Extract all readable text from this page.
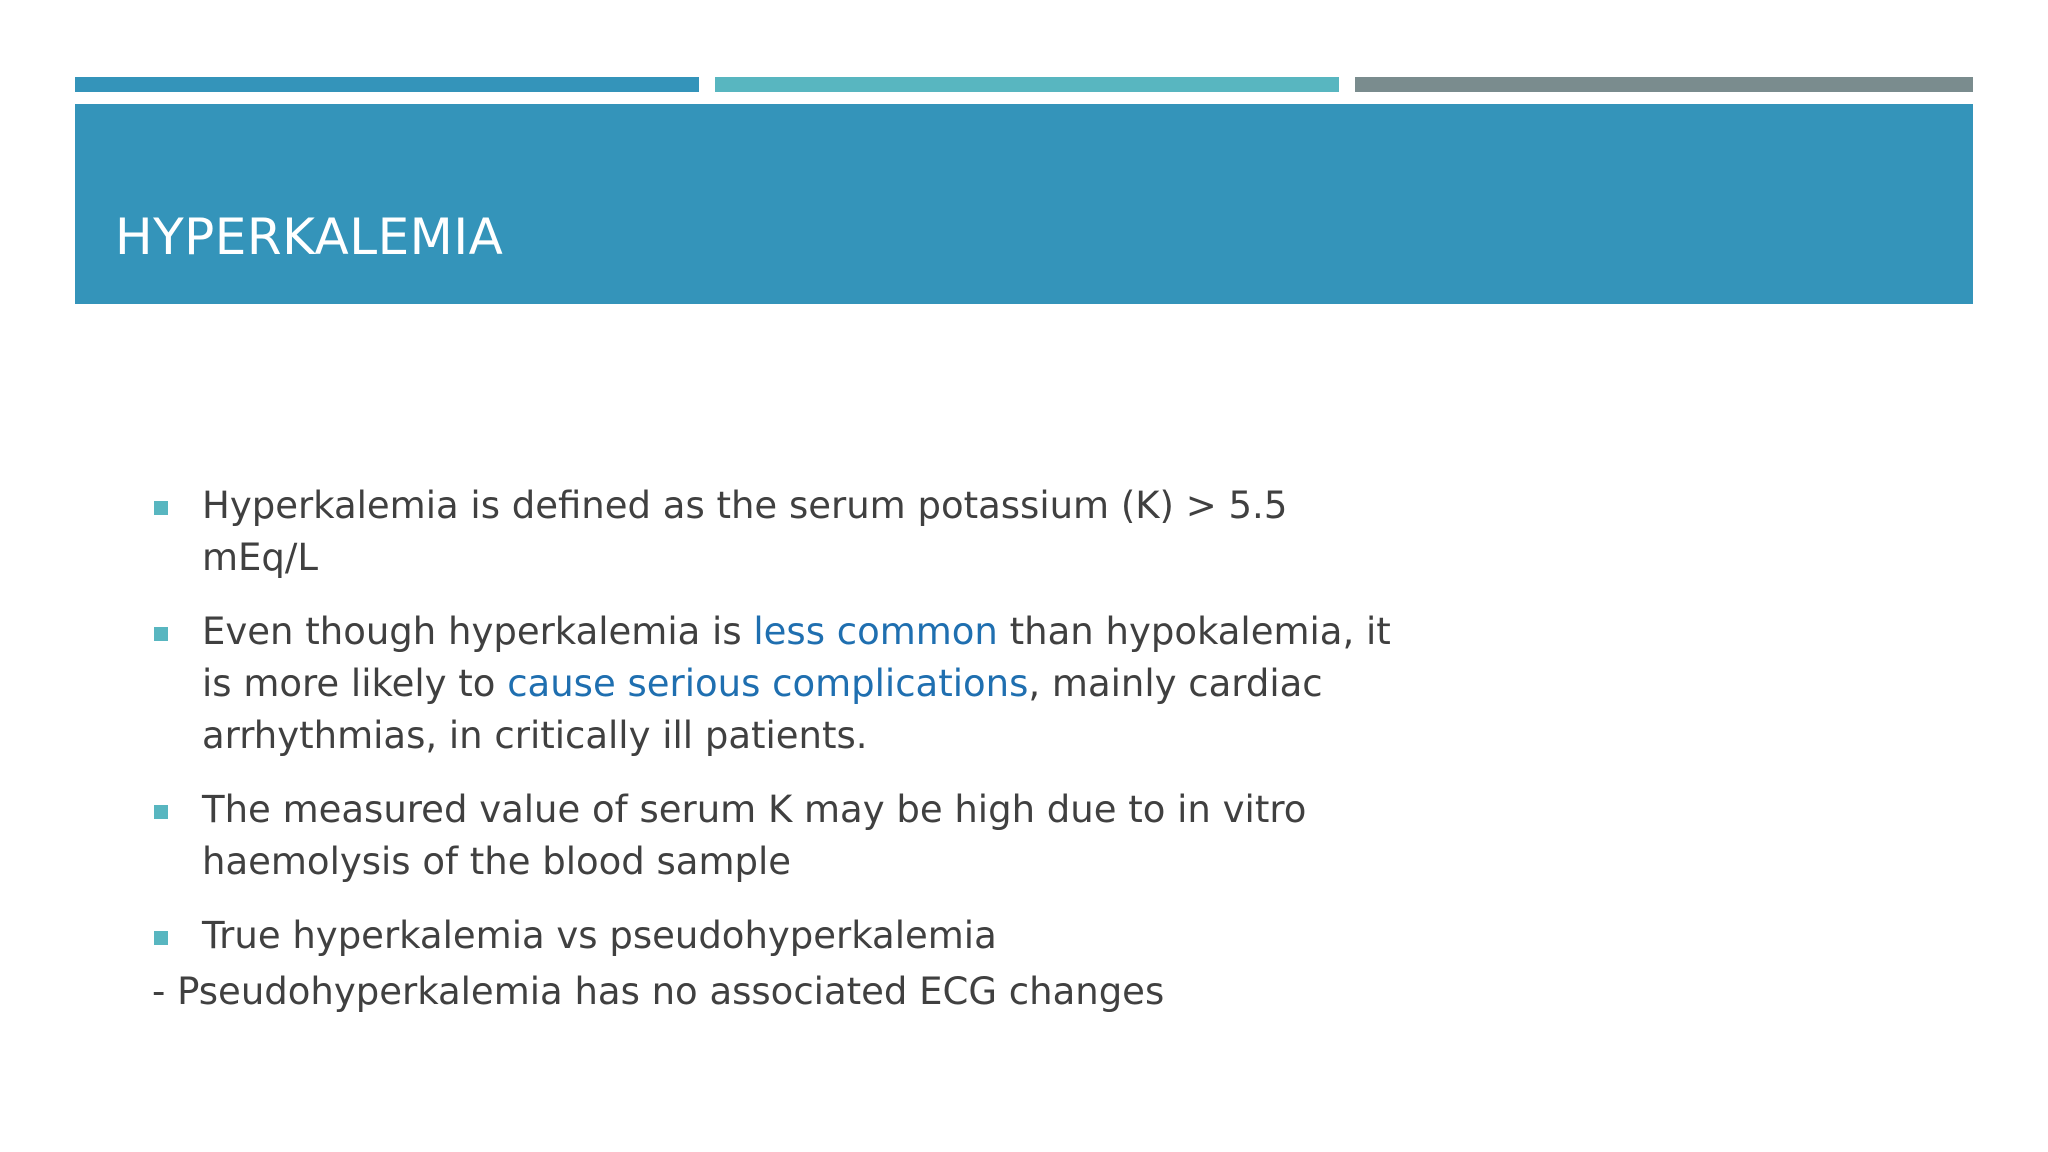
HYPERKALEMIA
Hyperkalemia is defined as the serum potassium (K) > 5.5 mEq/L
Even though hyperkalemia is less common than hypokalemia, it is more likely to cause serious complications, mainly cardiac arrhythmias, in critically ill patients.
The measured value of serum K may be high due to in vitro haemolysis of the blood sample
True hyperkalemia vs pseudohyperkalemia
- Pseudohyperkalemia has no associated ECG changes
